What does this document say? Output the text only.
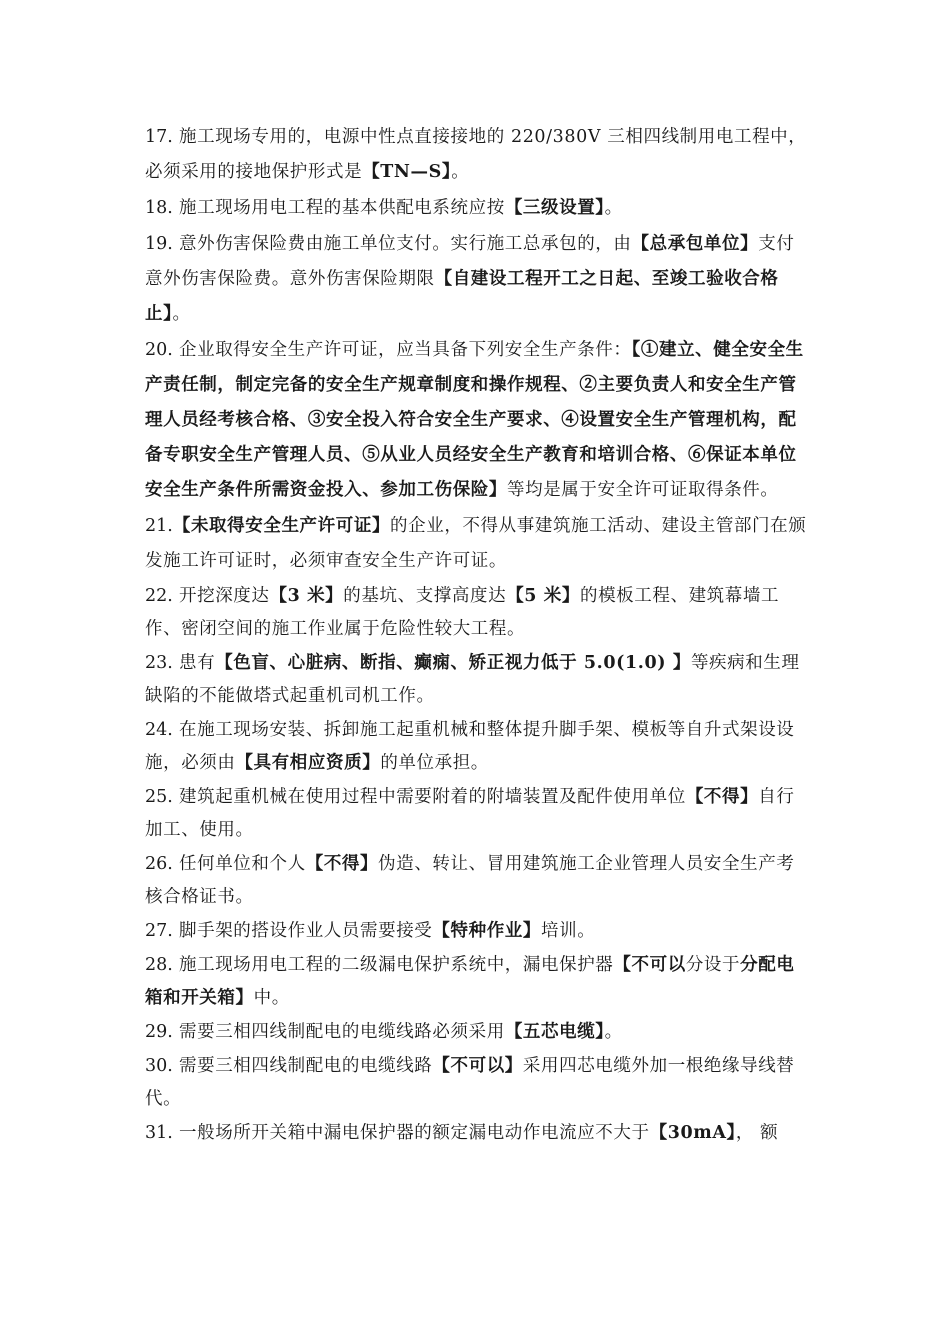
17. 施工现场专用的，电源中性点直接接地的 220/380V 三相四线制用电工程中，必须采用的接地保护形式是【TN—S】。

18. 施工现场用电工程的基本供配电系统应按【三级设置】。

19. 意外伤害保险费由施工单位支付。实行施工总承包的，由【总承包单位】支付意外伤害保险费。意外伤害保险期限【自建设工程开工之日起、至竣工验收合格止】。

20. 企业取得安全生产许可证，应当具备下列安全生产条件：【①建立、健全安全生产责任制，制定完备的安全生产规章制度和操作规程、②主要负责人和安全生产管理人员经考核合格、③安全投入符合安全生产要求、④设置安全生产管理机构，配备专职安全生产管理人员、⑤从业人员经安全生产教育和培训合格、⑥保证本单位安全生产条件所需资金投入、参加工伤保险】等均是属于安全许可证取得条件。

21.【未取得安全生产许可证】的企业，不得从事建筑施工活动、建设主管部门在颁发施工许可证时，必须审查安全生产许可证。

22. 开挖深度达【3 米】的基坑、支撑高度达【5 米】的模板工程、建筑幕墙工作、密闭空间的施工作业属于危险性较大工程。

23. 患有【色盲、心脏病、断指、癫痫、矫正视力低于 5.0(1.0) 】等疾病和生理缺陷的不能做塔式起重机司机工作。

24. 在施工现场安装、拆卸施工起重机械和整体提升脚手架、模板等自升式架设设施，必须由【具有相应资质】的单位承担。

25. 建筑起重机械在使用过程中需要附着的附墙装置及配件使用单位【不得】自行加工、使用。

26. 任何单位和个人【不得】伪造、转让、冒用建筑施工企业管理人员安全生产考核合格证书。

27. 脚手架的搭设作业人员需要接受【特种作业】培训。

28. 施工现场用电工程的二级漏电保护系统中，漏电保护器【不可以分设于分配电箱和开关箱】中。

29. 需要三相四线制配电的电缆线路必须采用【五芯电缆】。

30. 需要三相四线制配电的电缆线路【不可以】采用四芯电缆外加一根绝缘导线替代。

31. 一般场所开关箱中漏电保护器的额定漏电动作电流应不大于【30mA】， 额
